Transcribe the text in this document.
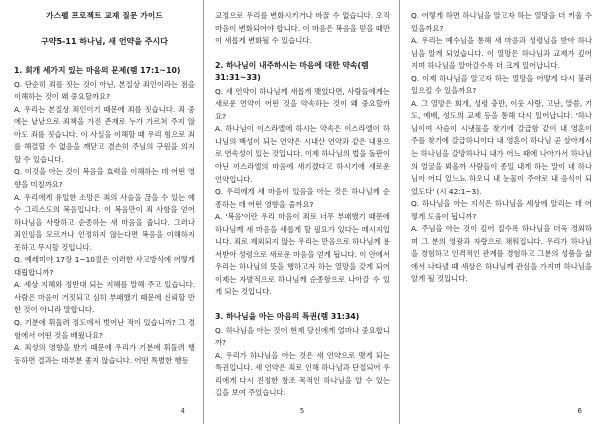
가스펠 프로젝트 교재 질문 가이드
구약5-11 하나님, 새 언약을 주시다
1. 회개 세가지 있는 마음의 문제(렘 17:1~10)
Q. 단순히 죄를 짓는 것이 아닌, 본질상 죄인이라는 점을 이해하는 것이 왜 중요할까요?
A. 우리는 본질상 죄인이기 때문에 죄를 짓습니다. 죄 중에는 낱낱으로 죄책을 가진 존재로 누가 가르쳐 주지 않아도 죄를 짓습니다. 이 사실을 이해할 때 우리 힘으로 죄를 해결할 수 없음을 깨닫고 겸손히 주님의 구원을 의지할 수 있습니다.
Q. 이것을 아는 것이 복음을 효력을 이해하는 데 어떤 영향을 미칠까요?
A. 우리에게 유일한 소망은 죄의 사슬을 끊을 수 있는 예수 그리스도의 복음입니다. 이 복음만이 죄 사함을 얻어 하나님을 사랑하고 순종하는 새 마음을 줍니다. 그러나 죄인임을 모르거나 인정하지 않는다면 복음을 이해하지 못하고 무시할 것입니다.
Q. 예레미야 17장 1~10절은 이러한 사고방식에 어떻게 대립합니까?
A. 세상 지혜와 정반대 되는 지혜를 말해 주고 있습니다. 사람은 마음이 거짓되고 심히 부패했기 때문에 신뢰할 만한 것이 아니라 말합니다.
Q. 기분에 휘둘려 정도에서 벗어난 적이 있습니까? 그 경험에서 어떤 것을 배웠나요?
A. 죄성의 영향을 받기 때문에 우리가 기분에 휘둘려 행동하면 결과는 대부분 좋지 않습니다. 어떤 특별한 행동
4
교정으로 우리를 변화시키거나 바꿀 수 없습니다. 오직 마음이 변화되어야 합니다. 이 마음은 복음을 믿을 때만 이 새롭게 변화될 수 있습니다.
2. 하나님이 내주하시는 마음에 대한 약속(렘 31:31~33)
Q. 새 언약이 하나님께 새롭게 맺었다면, 사람들에게는 새로운 언약이 어떤 것을 약속하는 것이 왜 중요할까요?
A. 하나님이 이스라엘에 하시는 약속은 이스라엘이 하나님의 백성이 되는 언약은 시내산 언약과 같은 내용으로 연속성이 있는 것입니다. 이제 하나님의 법을 돌판이 아닌 이스라엘의 마음에 새기겠다고 하시기에 새로운 언약입니다.
Q. 우리에게 새 마음이 있음을 아는 것은 하나님께 순종하는 데 어떤 영향을 줄까요?
A. '복음'이란 우리 마음이 죄로 너무 부패했기 때문에 하나님께 새 마음을 새롭게 할 필요가 있다는 메시지입니다. 죄로 제외되지 않는 우리는 만음으로 하나님께 용서받아 성령으로 새로운 마음을 얻게 됩니다. 이 안에서 우리는 하나님의 뜻을 행하고자 하는 열망을 갖게 되어 이제는 자발적으로 하나님께 순종함으로 나아갈 수 있게 되는 것입니다.
3. 하나님을 아는 마음의 특권(렘 31:34)
Q. 하나님을 아는 것이 현재 당신에게 얼마나 중요합니까?
A. 우리가 하나님을 아는 것은 새 언약으로 맺게 되는 특권입니다. 새 언약은 죄로 인해 하나님과 단절되어 우리에게 다시 진정한 창조 목적인 하나님을 알 수 있는 길을 보여 주었습니다.
5
Q. 어떻게 하면 하나님을 알고자 하는 열망을 더 키울 수 있을까요?
A. 우리는 예수님을 통해 새 마음과 성령님을 받아 하나님을 알게 되었습니다. 이 열망은 하나님과 교제가 깊어지며 하나님을 알아갈수록 더 크게 일어납니다.
Q. 이제 하나님을 알고자 하는 열망을 어떻게 다시 불러일으킬 수 있을까요?
A. 그 열망은 회개, 성령 충만, 이웃 사랑, 고난, 말씀, 기도, 예배, 성도의 교제 등을 통해 다시 일어납니다. '하나님이여 사슴이 시냇물을 찾기에 갈급함 같이 내 영혼이 주를 찾기에 갈급하니이다 내 영혼이 하나님 곧 살아계시는 하나님을 갈망하나니 내가 어느 때에 나아가서 하나님의 얼굴을 뵈올까 사람들이 종일 내게 하는 말이 네 하나님이 어디 있느뇨 하오니 내 눈물이 주야로 내 음식이 되었도다' (시 42:1~3).
Q. 하나님을 아는 지식은 하나님을 세상에 알리는 데 어떻게 도움이 됩니까?
A. 주님을 아는 것이 깊어 질수록 하나님을 더욱 경외하며 그 분의 영광과 자랑으로 채워집니다. 우리가 하나님을 경험하고 인격적인 관계를 경험하고 그분의 성품을 삶에서 나타낼 때 세상은 하나님께 관심을 가지며 하나님을 알게 될 것입니다.
6
